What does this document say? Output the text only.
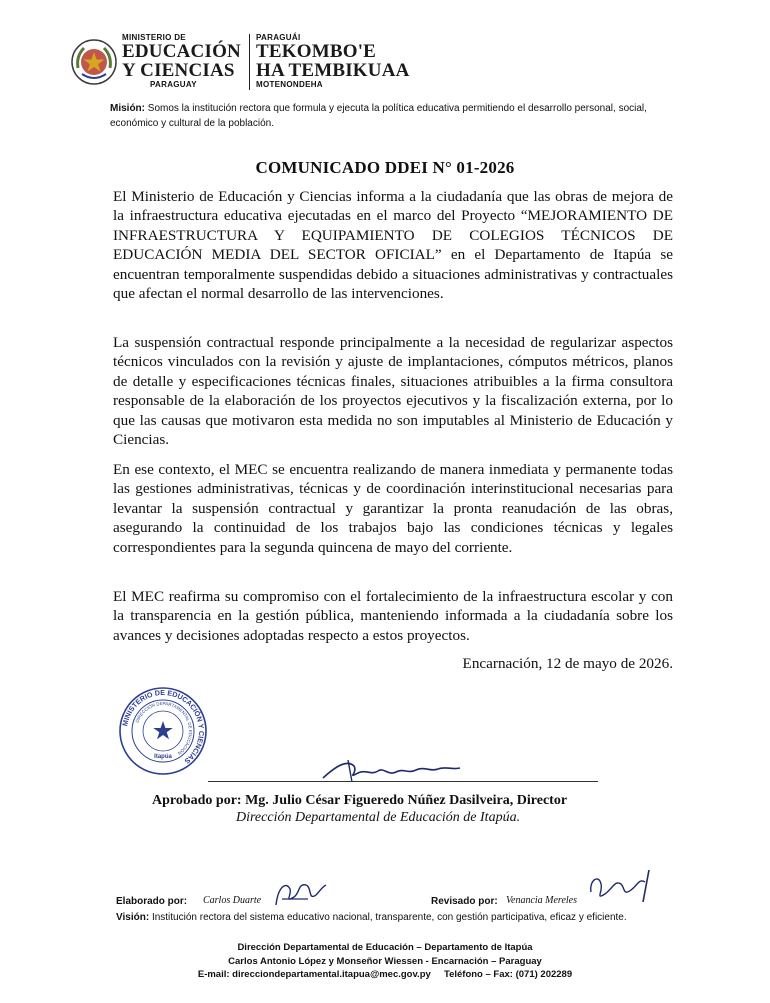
MINISTERIO DE
EDUCACIÓN
Y CIENCIAS
PARAGUAY
PARAGUÁI
TEKOMBO'E
HA TEMBIKUAA
MOTENONDEHA
Misión: Somos la institución rectora que formula y ejecuta la política educativa permitiendo el desarrollo personal, social, económico y cultural de la población.
COMUNICADO DDEI N° 01-2026
El Ministerio de Educación y Ciencias informa a la ciudadanía que las obras de mejora de la infraestructura educativa ejecutadas en el marco del Proyecto “MEJORAMIENTO DE INFRAESTRUCTURA Y EQUIPAMIENTO DE COLEGIOS TÉCNICOS DE EDUCACIÓN MEDIA DEL SECTOR OFICIAL” en el Departamento de Itapúa se encuentran temporalmente suspendidas debido a situaciones administrativas y contractuales que afectan el normal desarrollo de las intervenciones.
La suspensión contractual responde principalmente a la necesidad de regularizar aspectos técnicos vinculados con la revisión y ajuste de implantaciones, cómputos métricos, planos de detalle y especificaciones técnicas finales, situaciones atribuibles a la firma consultora responsable de la elaboración de los proyectos ejecutivos y la fiscalización externa, por lo que las causas que motivaron esta medida no son imputables al Ministerio de Educación y Ciencias.
En ese contexto, el MEC se encuentra realizando de manera inmediata y permanente todas las gestiones administrativas, técnicas y de coordinación interinstitucional necesarias para levantar la suspensión contractual y garantizar la pronta reanudación de las obras, asegurando la continuidad de los trabajos bajo las condiciones técnicas y legales correspondientes para la segunda quincena de mayo del corriente.
El MEC reafirma su compromiso con el fortalecimiento de la infraestructura escolar y con la transparencia en la gestión pública, manteniendo informada a la ciudadanía sobre los avances y decisiones adoptadas respecto a estos proyectos.
Encarnación, 12 de mayo de 2026.
MINISTERIO DE EDUCACIÓN Y CIENCIAS
DIRECCIÓN DEPARTAMENTAL DE EDUCACIÓN
Itapúa
Aprobado por: Mg. Julio César Figueredo Núñez Dasilveira, Director
Dirección Departamental de Educación de Itapúa.
Elaborado por: Carlos Duarte	Revisado por: Venancia Mereles
Visión: Institución rectora del sistema educativo nacional, transparente, con gestión participativa, eficaz y eficiente.
Dirección Departamental de Educación – Departamento de Itapúa
Carlos Antonio López y Monseñor Wiessen - Encarnación – Paraguay
E-mail: direcciondepartamental.itapua@mec.gov.py     Teléfono – Fax: (071) 202289
